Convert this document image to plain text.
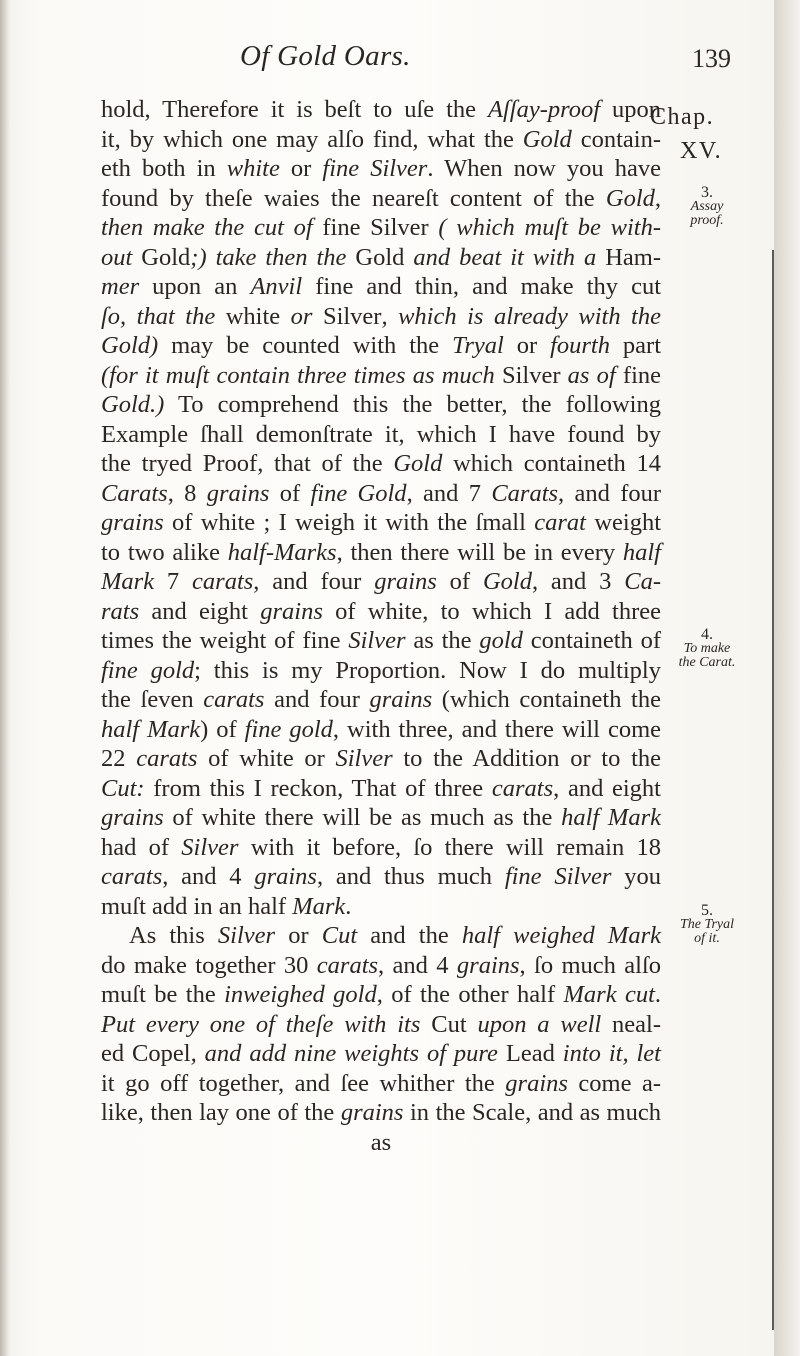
Of Gold Oars.	139
Chap.
XV.
hold, Therefore it is beſt to uſe the Aſſay-proof upon
it, by which one may alſo find, what the Gold contain-
eth both in white or fine Silver. When now you have
found by theſe waies the neareſt content of the Gold,
then make the cut of fine Silver ( which muſt be with-
out Gold;) take then the Gold and beat it with a Ham-
mer upon an Anvil fine and thin, and make thy cut
ſo, that the white or Silver, which is already with the
Gold) may be counted with the Tryal or fourth part
(for it muſt contain three times as much Silver as of fine
Gold.) To comprehend this the better, the following
Example ſhall demonſtrate it, which I have found by
the tryed Proof, that of the Gold which containeth 14
Carats, 8 grains of fine Gold, and 7 Carats, and four
grains of white ; I weigh it with the ſmall carat weight
to two alike half-Marks, then there will be in every half
Mark 7 carats, and four grains of Gold, and 3 Ca-
rats and eight grains of white, to which I add three
times the weight of fine Silver as the gold containeth of
fine gold; this is my Proportion. Now I do multiply
the ſeven carats and four grains (which containeth the
half Mark) of fine gold, with three, and there will come
22 carats of white or Silver to the Addition or to the
Cut: from this I reckon, That of three carats, and eight
grains of white there will be as much as the half Mark
had of Silver with it before, ſo there will remain 18
carats, and 4 grains, and thus much fine Silver you
muſt add in an half Mark.
As this Silver or Cut and the half weighed Mark
do make together 30 carats, and 4 grains, ſo much alſo
muſt be the inweighed gold, of the other half Mark cut.
Put every one of theſe with its Cut upon a well neal-
ed Copel, and add nine weights of pure Lead into it, let
it go off together, and ſee whither the grains come a-
like, then lay one of the grains in the Scale, and as much
as
3.
Assay proof.
4.
To make the Carat.
5.
The Tryal of it.
